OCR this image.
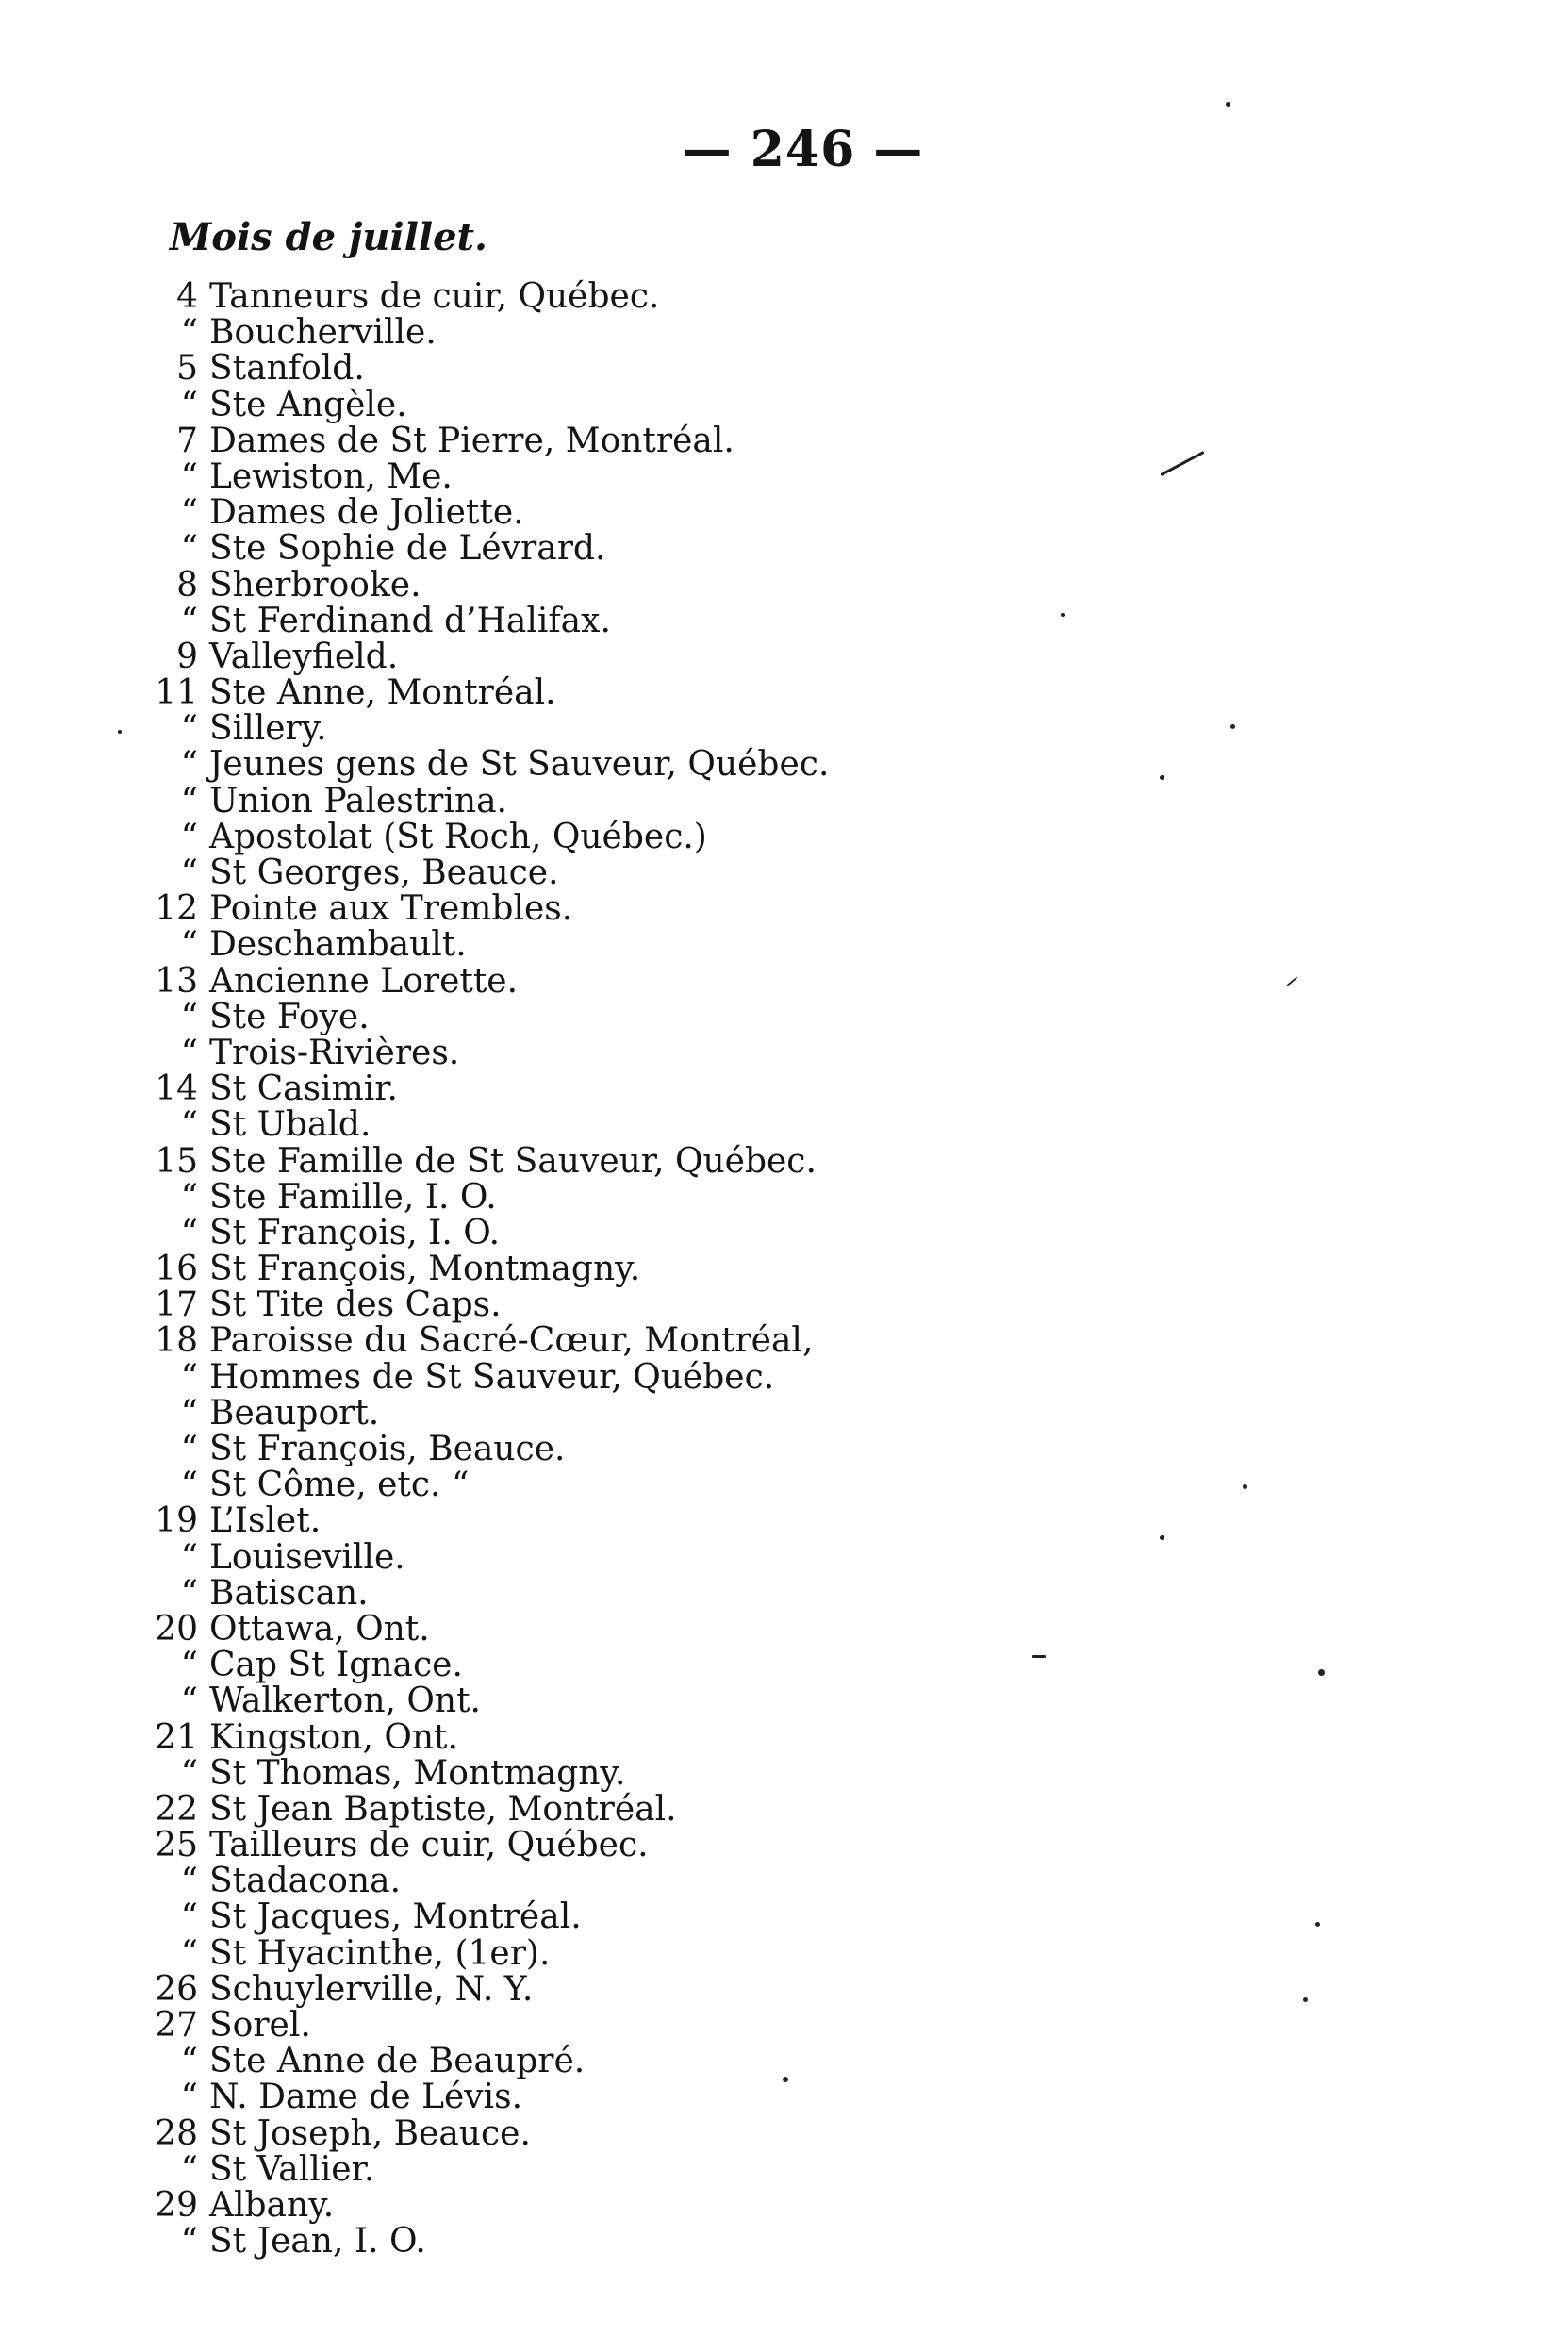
— 246 —
Mois de juillet.
4 Tanneurs de cuir, Québec.
“ Boucherville.
5 Stanfold.
“ Ste Angèle.
7 Dames de St Pierre, Montréal.
“ Lewiston, Me.
“ Dames de Joliette.
“ Ste Sophie de Lévrard.
8 Sherbrooke.
“ St Ferdinand d’Halifax.
9 Valleyfield.
11 Ste Anne, Montréal.
“ Sillery.
“ Jeunes gens de St Sauveur, Québec.
“ Union Palestrina.
“ Apostolat (St Roch, Québec.)
“ St Georges, Beauce.
12 Pointe aux Trembles.
“ Deschambault.
13 Ancienne Lorette.
“ Ste Foye.
“ Trois-Rivières.
14 St Casimir.
“ St Ubald.
15 Ste Famille de St Sauveur, Québec.
“ Ste Famille, I. O.
“ St François, I. O.
16 St François, Montmagny.
17 St Tite des Caps.
18 Paroisse du Sacré-Cœur, Montréal,
“ Hommes de St Sauveur, Québec.
“ Beauport.
“ St François, Beauce.
“ St Côme, etc. “
19 L’Islet.
“ Louiseville.
“ Batiscan.
20 Ottawa, Ont.
“ Cap St Ignace.
“ Walkerton, Ont.
21 Kingston, Ont.
“ St Thomas, Montmagny.
22 St Jean Baptiste, Montréal.
25 Tailleurs de cuir, Québec.
“ Stadacona.
“ St Jacques, Montréal.
“ St Hyacinthe, (1er).
26 Schuylerville, N. Y.
27 Sorel.
“ Ste Anne de Beaupré.
“ N. Dame de Lévis.
28 St Joseph, Beauce.
“ St Vallier.
29 Albany.
“ St Jean, I. O.
